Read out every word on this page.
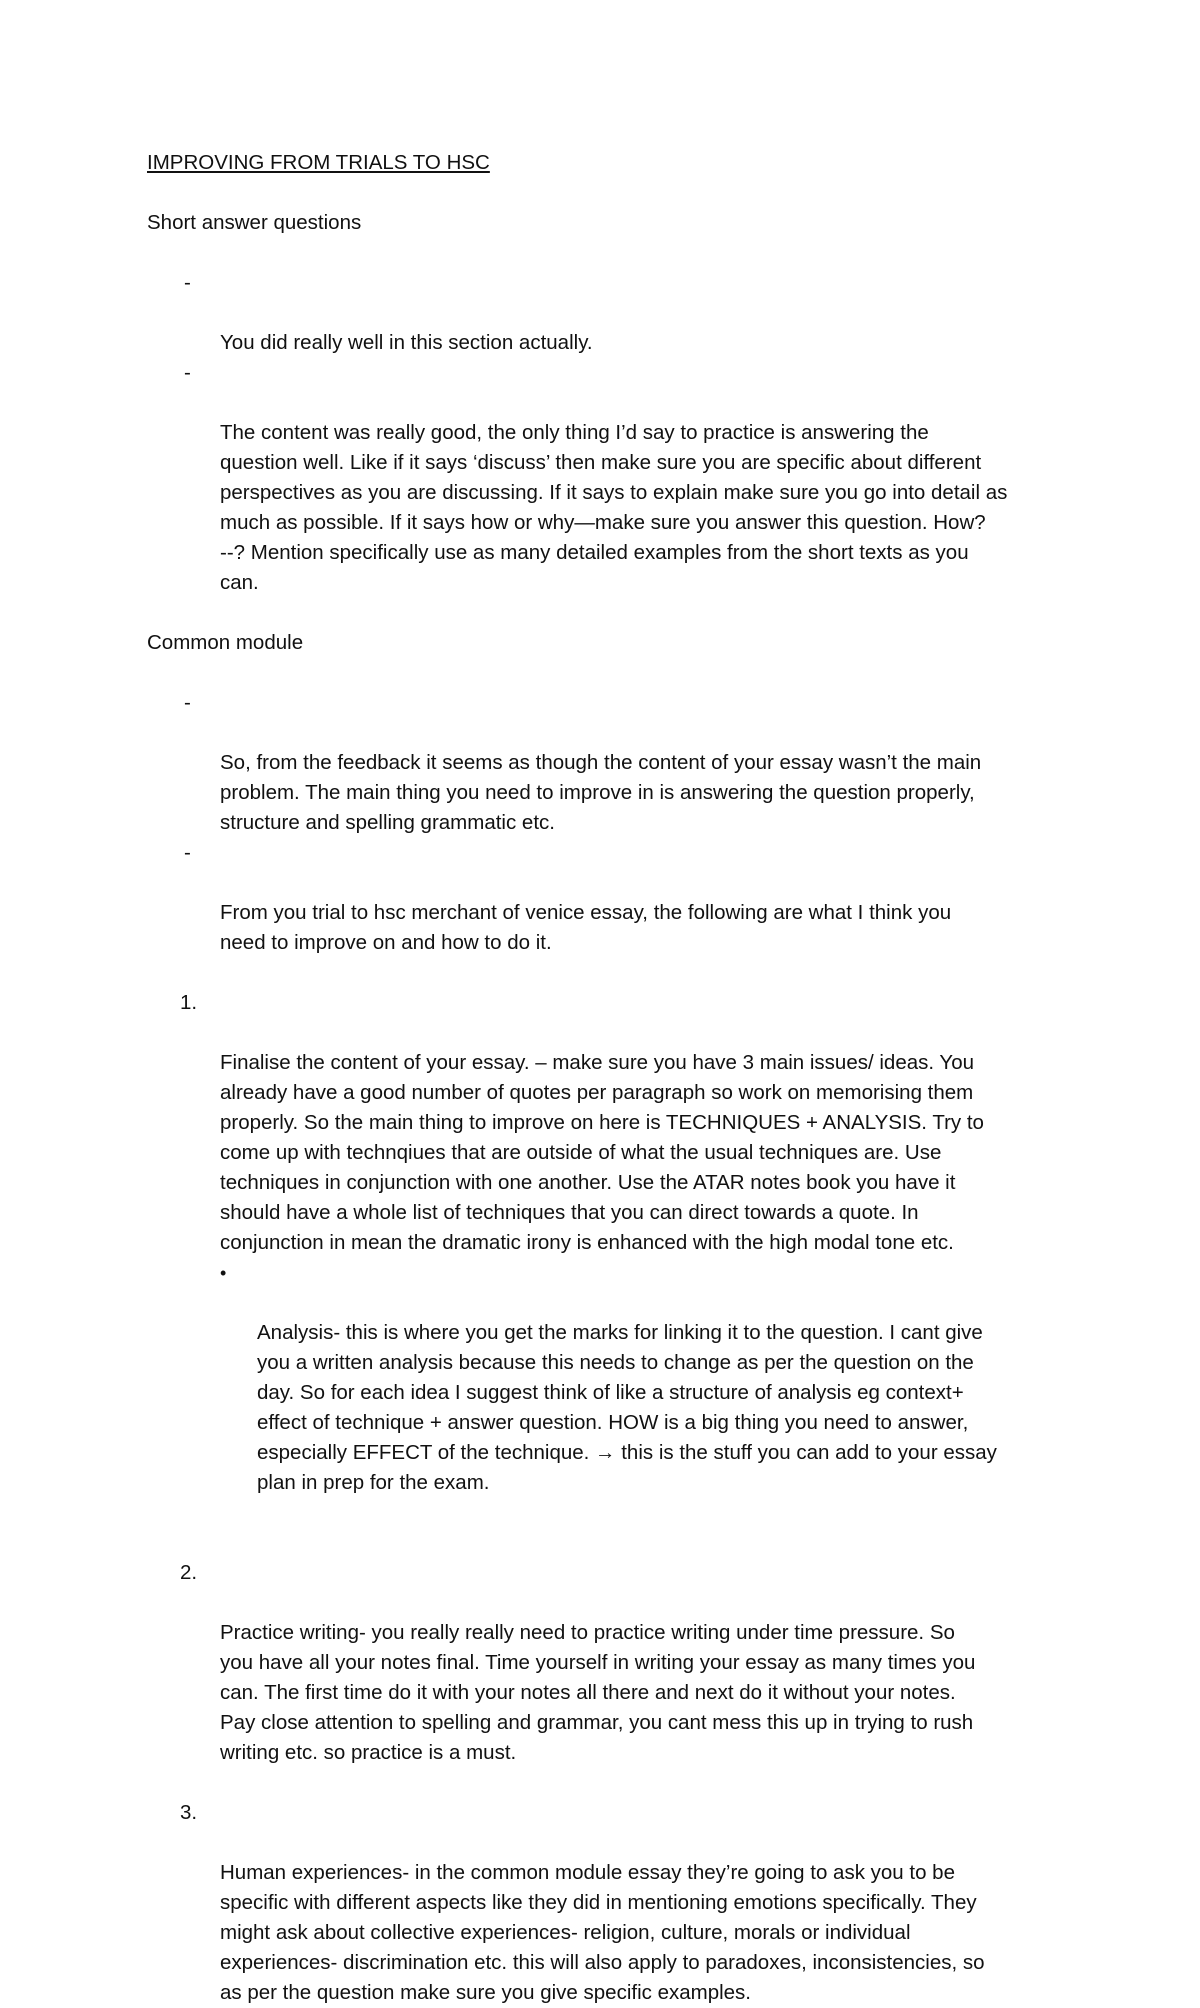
IMPROVING FROM TRIALS TO HSC

Short answer questions

-

You did really well in this section actually.

-

The content was really good, the only thing I’d say to practice is answering the
question well. Like if it says ‘discuss’ then make sure you are specific about different
perspectives as you are discussing. If it says to explain make sure you go into detail as
much as possible. If it says how or why—make sure you answer this question. How?
--? Mention specifically use as many detailed examples from the short texts as you
can.

Common module

-

So, from the feedback it seems as though the content of your essay wasn’t the main
problem. The main thing you need to improve in is answering the question properly,
structure and spelling grammatic etc.

-

From you trial to hsc merchant of venice essay, the following are what I think you
need to improve on and how to do it.

1.

Finalise the content of your essay. – make sure you have 3 main issues/ ideas. You
already have a good number of quotes per paragraph so work on memorising them
properly. So the main thing to improve on here is TECHNIQUES + ANALYSIS. Try to
come up with technqiues that are outside of what the usual techniques are. Use
techniques in conjunction with one another. Use the ATAR notes book you have it
should have a whole list of techniques that you can direct towards a quote. In
conjunction in mean the dramatic irony is enhanced with the high modal tone etc.

•

Analysis- this is where you get the marks for linking it to the question. I cant give
you a written analysis because this needs to change as per the question on the
day. So for each idea I suggest think of like a structure of analysis eg context+
effect of technique + answer question. HOW is a big thing you need to answer,
especially EFFECT of the technique. → this is the stuff you can add to your essay
plan in prep for the exam.

2.

Practice writing- you really really need to practice writing under time pressure. So
you have all your notes final. Time yourself in writing your essay as many times you
can. The first time do it with your notes all there and next do it without your notes.
Pay close attention to spelling and grammar, you cant mess this up in trying to rush
writing etc. so practice is a must.

3.

Human experiences- in the common module essay they’re going to ask you to be
specific with different aspects like they did in mentioning emotions specifically. They
might ask about collective experiences- religion, culture, morals or individual
experiences- discrimination etc. this will also apply to paradoxes, inconsistencies, so
as per the question make sure you give specific examples.
